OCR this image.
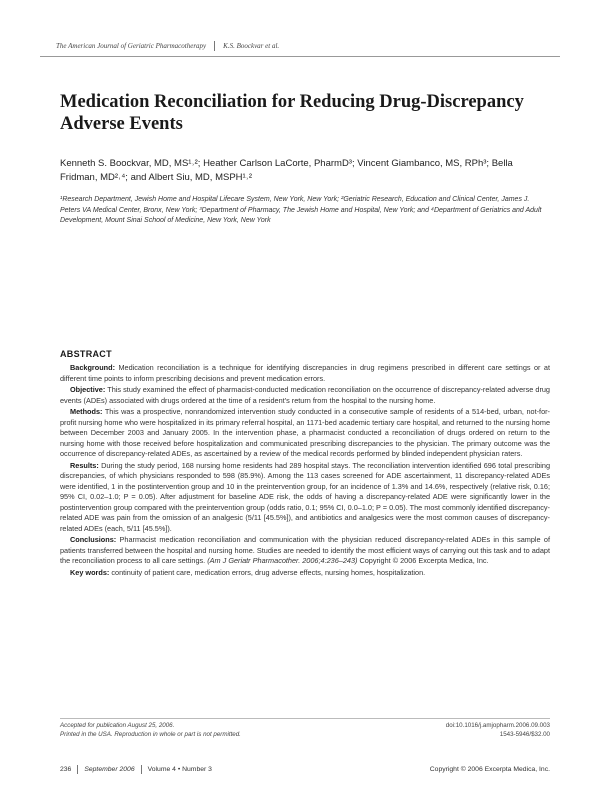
The American Journal of Geriatric Pharmacotherapy K.S. Boockvar et al.
Medication Reconciliation for Reducing Drug-Discrepancy Adverse Events
Kenneth S. Boockvar, MD, MS¹˒²; Heather Carlson LaCorte, PharmD³; Vincent Giambanco, MS, RPh³; Bella Fridman, MD²˒⁴; and Albert Siu, MD, MSPH¹˒²
¹Research Department, Jewish Home and Hospital Lifecare System, New York, New York; ²Geriatric Research, Education and Clinical Center, James J. Peters VA Medical Center, Bronx, New York; ³Department of Pharmacy, The Jewish Home and Hospital, New York; and ⁴Department of Geriatrics and Adult Development, Mount Sinai School of Medicine, New York, New York
ABSTRACT

Background: Medication reconciliation is a technique for identifying discrepancies in drug regimens prescribed in different care settings or at different time points to inform prescribing decisions and prevent medication errors.

Objective: This study examined the effect of pharmacist-conducted medication reconciliation on the occurrence of discrepancy-related adverse drug events (ADEs) associated with drugs ordered at the time of a resident's return from the hospital to the nursing home.

Methods: This was a prospective, nonrandomized intervention study conducted in a consecutive sample of residents of a 514-bed, urban, not-for-profit nursing home who were hospitalized in its primary referral hospital, an 1171-bed academic tertiary care hospital, and returned to the nursing home between December 2003 and January 2005. In the intervention phase, a pharmacist conducted a reconciliation of drugs ordered on return to the nursing home with those received before hospitalization and communicated prescribing discrepancies to the physician. The primary outcome was the occurrence of discrepancy-related ADEs, as ascertained by a review of the medical records performed by blinded independent physician raters.

Results: During the study period, 168 nursing home residents had 289 hospital stays. The reconciliation intervention identified 696 total prescribing discrepancies, of which physicians responded to 598 (85.9%). Among the 113 cases screened for ADE ascertainment, 11 discrepancy-related ADEs were identified, 1 in the postintervention group and 10 in the preintervention group, for an incidence of 1.3% and 14.6%, respectively (relative risk, 0.16; 95% CI, 0.02–1.0; P = 0.05). After adjustment for baseline ADE risk, the odds of having a discrepancy-related ADE were significantly lower in the postintervention group compared with the preintervention group (odds ratio, 0.1; 95% CI, 0.0–1.0; P = 0.05). The most commonly identified discrepancy-related ADE was pain from the omission of an analgesic (5/11 [45.5%]), and antibiotics and analgesics were the most common causes of discrepancy-related ADEs (each, 5/11 [45.5%]).

Conclusions: Pharmacist medication reconciliation and communication with the physician reduced discrepancy-related ADEs in this sample of patients transferred between the hospital and nursing home. Studies are needed to identify the most efficient ways of carrying out this task and to adapt the reconciliation process to all care settings. (Am J Geriatr Pharmacother. 2006;4:236–243) Copyright © 2006 Excerpta Medica, Inc.

Key words: continuity of patient care, medication errors, drug adverse effects, nursing homes, hospitalization.

Accepted for publication August 25, 2006.	doi:10.1016/j.amjopharm.2006.09.003
Printed in the USA. Reproduction in whole or part is not permitted.	1543-5946/$32.00
236 September 2006 Volume 4 • Number 3	Copyright © 2006 Excerpta Medica, Inc.
